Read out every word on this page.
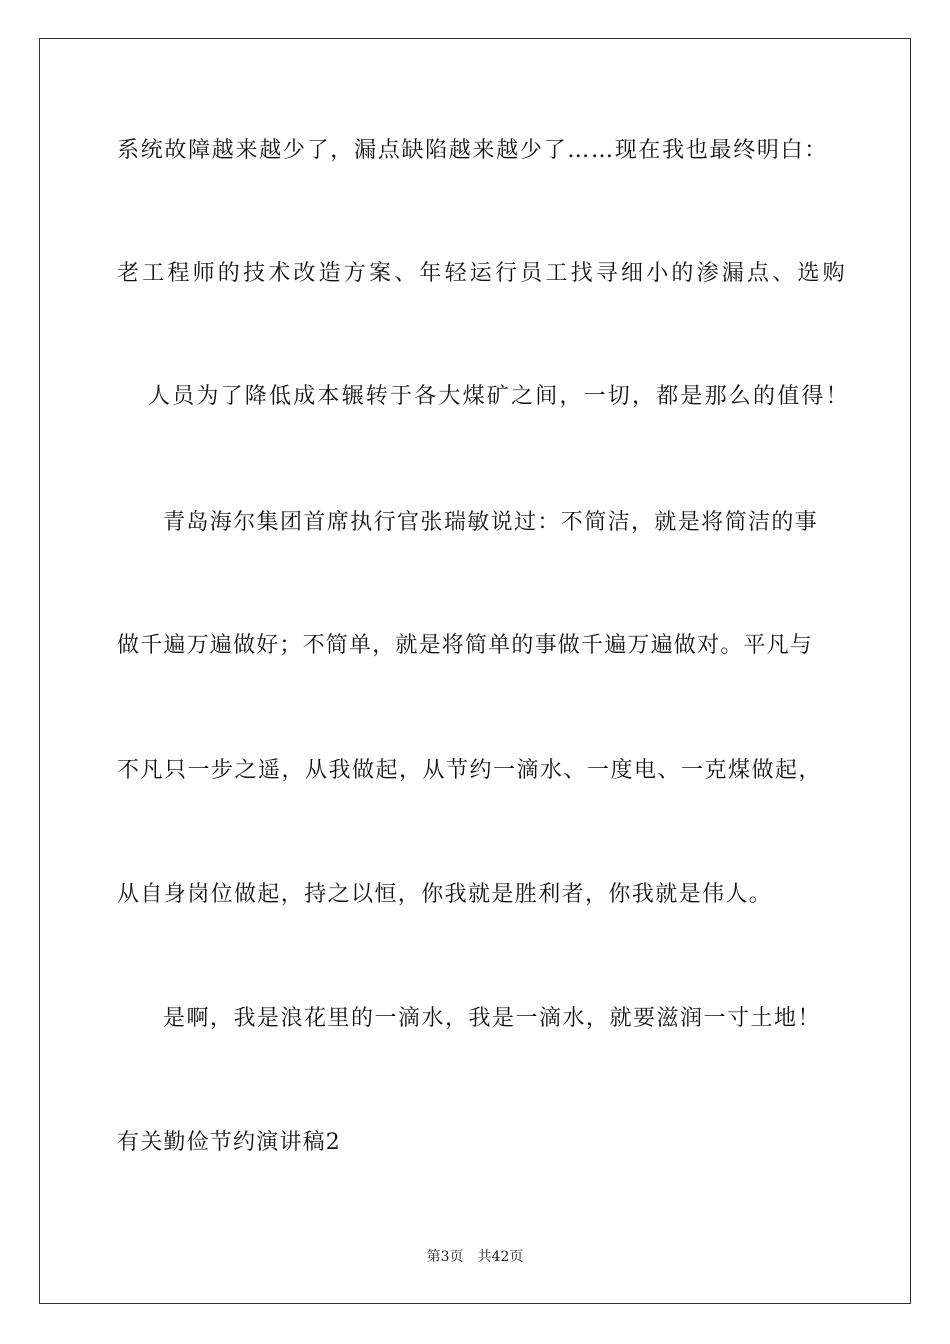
系统故障越来越少了，漏点缺陷越来越少了……现在我也最终明白：
老工程师的技术改造方案、年轻运行员工找寻细小的渗漏点、选购
人员为了降低成本辗转于各大煤矿之间，一切，都是那么的值得！
青岛海尔集团首席执行官张瑞敏说过：不简洁，就是将简洁的事
做千遍万遍做好；不简单，就是将简单的事做千遍万遍做对。平凡与
不凡只一步之遥，从我做起，从节约一滴水、一度电、一克煤做起，
从自身岗位做起，持之以恒，你我就是胜利者，你我就是伟人。
是啊，我是浪花里的一滴水，我是一滴水，就要滋润一寸土地！
有关勤俭节约演讲稿2
第3页 共42页
